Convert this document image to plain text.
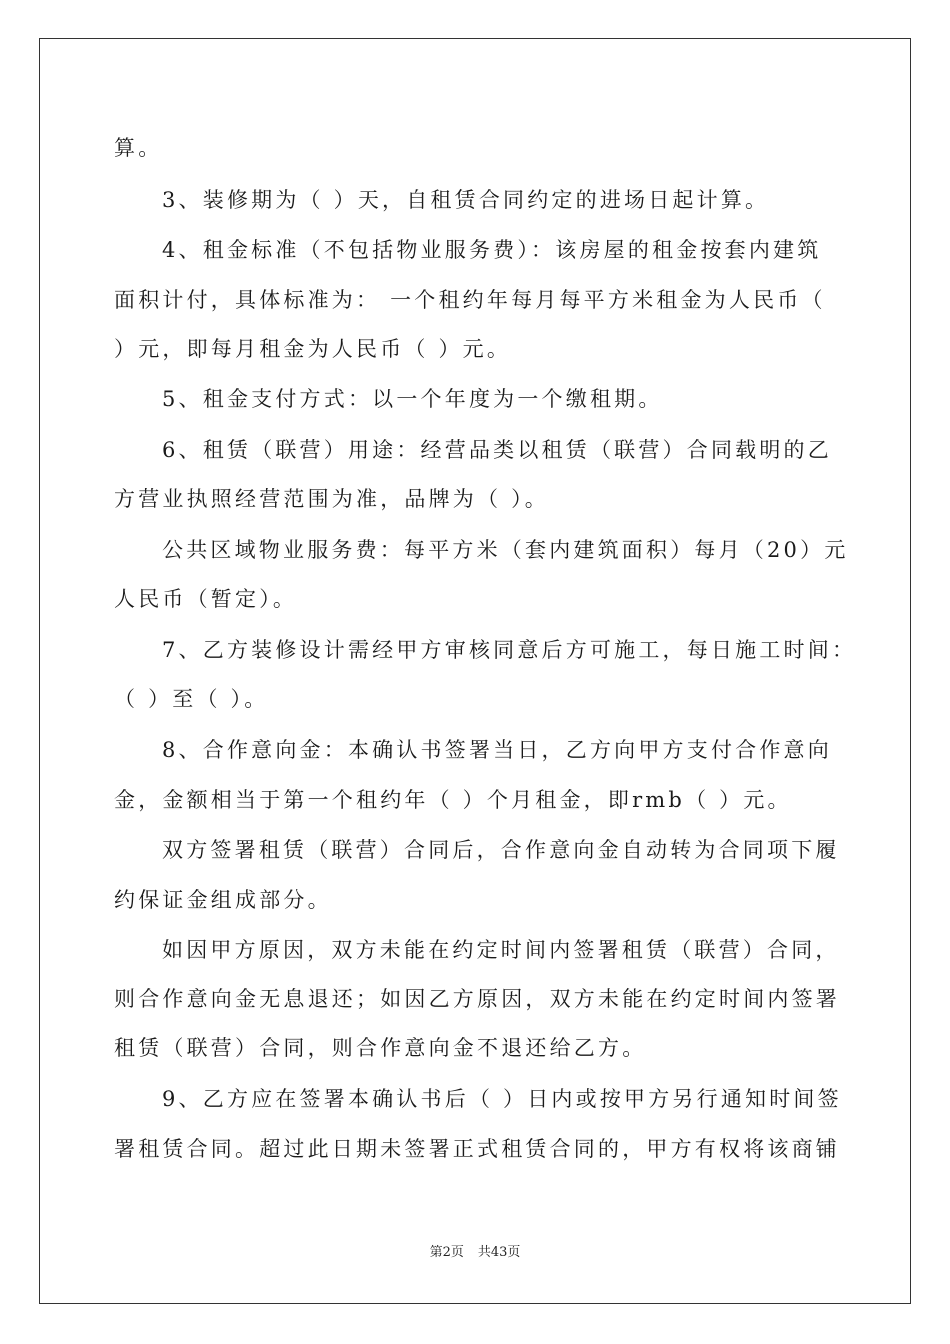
算。
3、装修期为（ ）天，自租赁合同约定的进场日起计算。
4、租金标准（不包括物业服务费）：该房屋的租金按套内建筑
面积计付，具体标准为： 一个租约年每月每平方米租金为人民币（
）元，即每月租金为人民币（ ）元。
5、租金支付方式：以一个年度为一个缴租期。
6、租赁（联营）用途：经营品类以租赁（联营）合同载明的乙
方营业执照经营范围为准，品牌为（ ）。
公共区域物业服务费：每平方米（套内建筑面积）每月（20）元
人民币（暂定）。
7、乙方装修设计需经甲方审核同意后方可施工，每日施工时间：
（ ）至（ ）。
8、合作意向金：本确认书签署当日，乙方向甲方支付合作意向
金，金额相当于第一个租约年（ ）个月租金，即rmb（ ）元。
双方签署租赁（联营）合同后，合作意向金自动转为合同项下履
约保证金组成部分。
如因甲方原因，双方未能在约定时间内签署租赁（联营）合同，
则合作意向金无息退还；如因乙方原因，双方未能在约定时间内签署
租赁（联营）合同，则合作意向金不退还给乙方。
9、乙方应在签署本确认书后（ ）日内或按甲方另行通知时间签
署租赁合同。超过此日期未签署正式租赁合同的，甲方有权将该商铺
第2页 共43页
